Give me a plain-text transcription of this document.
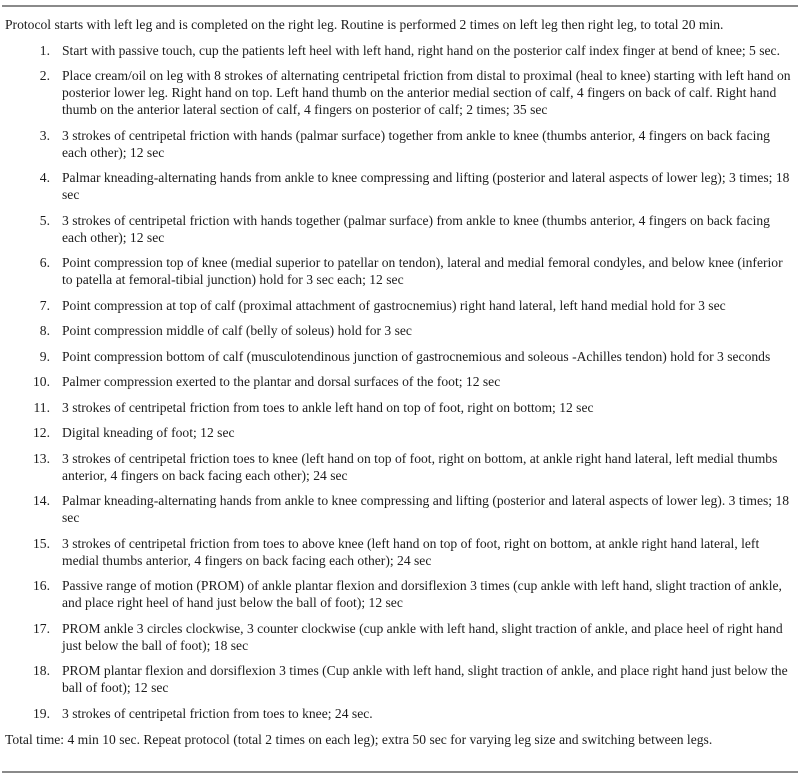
Protocol starts with left leg and is completed on the right leg. Routine is performed 2 times on left leg then right leg, to total 20 min.

1. Start with passive touch, cup the patients left heel with left hand, right hand on the posterior calf index finger at bend of knee; 5 sec.
2. Place cream/oil on leg with 8 strokes of alternating centripetal friction from distal to proximal (heal to knee) starting with left hand on posterior lower leg. Right hand on top. Left hand thumb on the anterior medial section of calf, 4 fingers on back of calf. Right hand thumb on the anterior lateral section of calf, 4 fingers on posterior of calf; 2 times; 35 sec
3. 3 strokes of centripetal friction with hands (palmar surface) together from ankle to knee (thumbs anterior, 4 fingers on back facing each other); 12 sec
4. Palmar kneading-alternating hands from ankle to knee compressing and lifting (posterior and lateral aspects of lower leg); 3 times; 18 sec
5. 3 strokes of centripetal friction with hands together (palmar surface) from ankle to knee (thumbs anterior, 4 fingers on back facing each other); 12 sec
6. Point compression top of knee (medial superior to patellar on tendon), lateral and medial femoral condyles, and below knee (inferior to patella at femoral-tibial junction) hold for 3 sec each; 12 sec
7. Point compression at top of calf (proximal attachment of gastrocnemius) right hand lateral, left hand medial hold for 3 sec
8. Point compression middle of calf (belly of soleus) hold for 3 sec
9. Point compression bottom of calf (musculotendinous junction of gastrocnemious and soleous -Achilles tendon) hold for 3 seconds
10. Palmer compression exerted to the plantar and dorsal surfaces of the foot; 12 sec
11. 3 strokes of centripetal friction from toes to ankle left hand on top of foot, right on bottom; 12 sec
12. Digital kneading of foot; 12 sec
13. 3 strokes of centripetal friction toes to knee (left hand on top of foot, right on bottom, at ankle right hand lateral, left medial thumbs anterior, 4 fingers on back facing each other); 24 sec
14. Palmar kneading-alternating hands from ankle to knee compressing and lifting (posterior and lateral aspects of lower leg). 3 times; 18 sec
15. 3 strokes of centripetal friction from toes to above knee (left hand on top of foot, right on bottom, at ankle right hand lateral, left medial thumbs anterior, 4 fingers on back facing each other); 24 sec
16. Passive range of motion (PROM) of ankle plantar flexion and dorsiflexion 3 times (cup ankle with left hand, slight traction of ankle, and place right heel of hand just below the ball of foot); 12 sec
17. PROM ankle 3 circles clockwise, 3 counter clockwise (cup ankle with left hand, slight traction of ankle, and place heel of right hand just below the ball of foot); 18 sec
18. PROM plantar flexion and dorsiflexion 3 times (Cup ankle with left hand, slight traction of ankle, and place right hand just below the ball of foot); 12 sec
19. 3 strokes of centripetal friction from toes to knee; 24 sec.

Total time: 4 min 10 sec. Repeat protocol (total 2 times on each leg); extra 50 sec for varying leg size and switching between legs.
